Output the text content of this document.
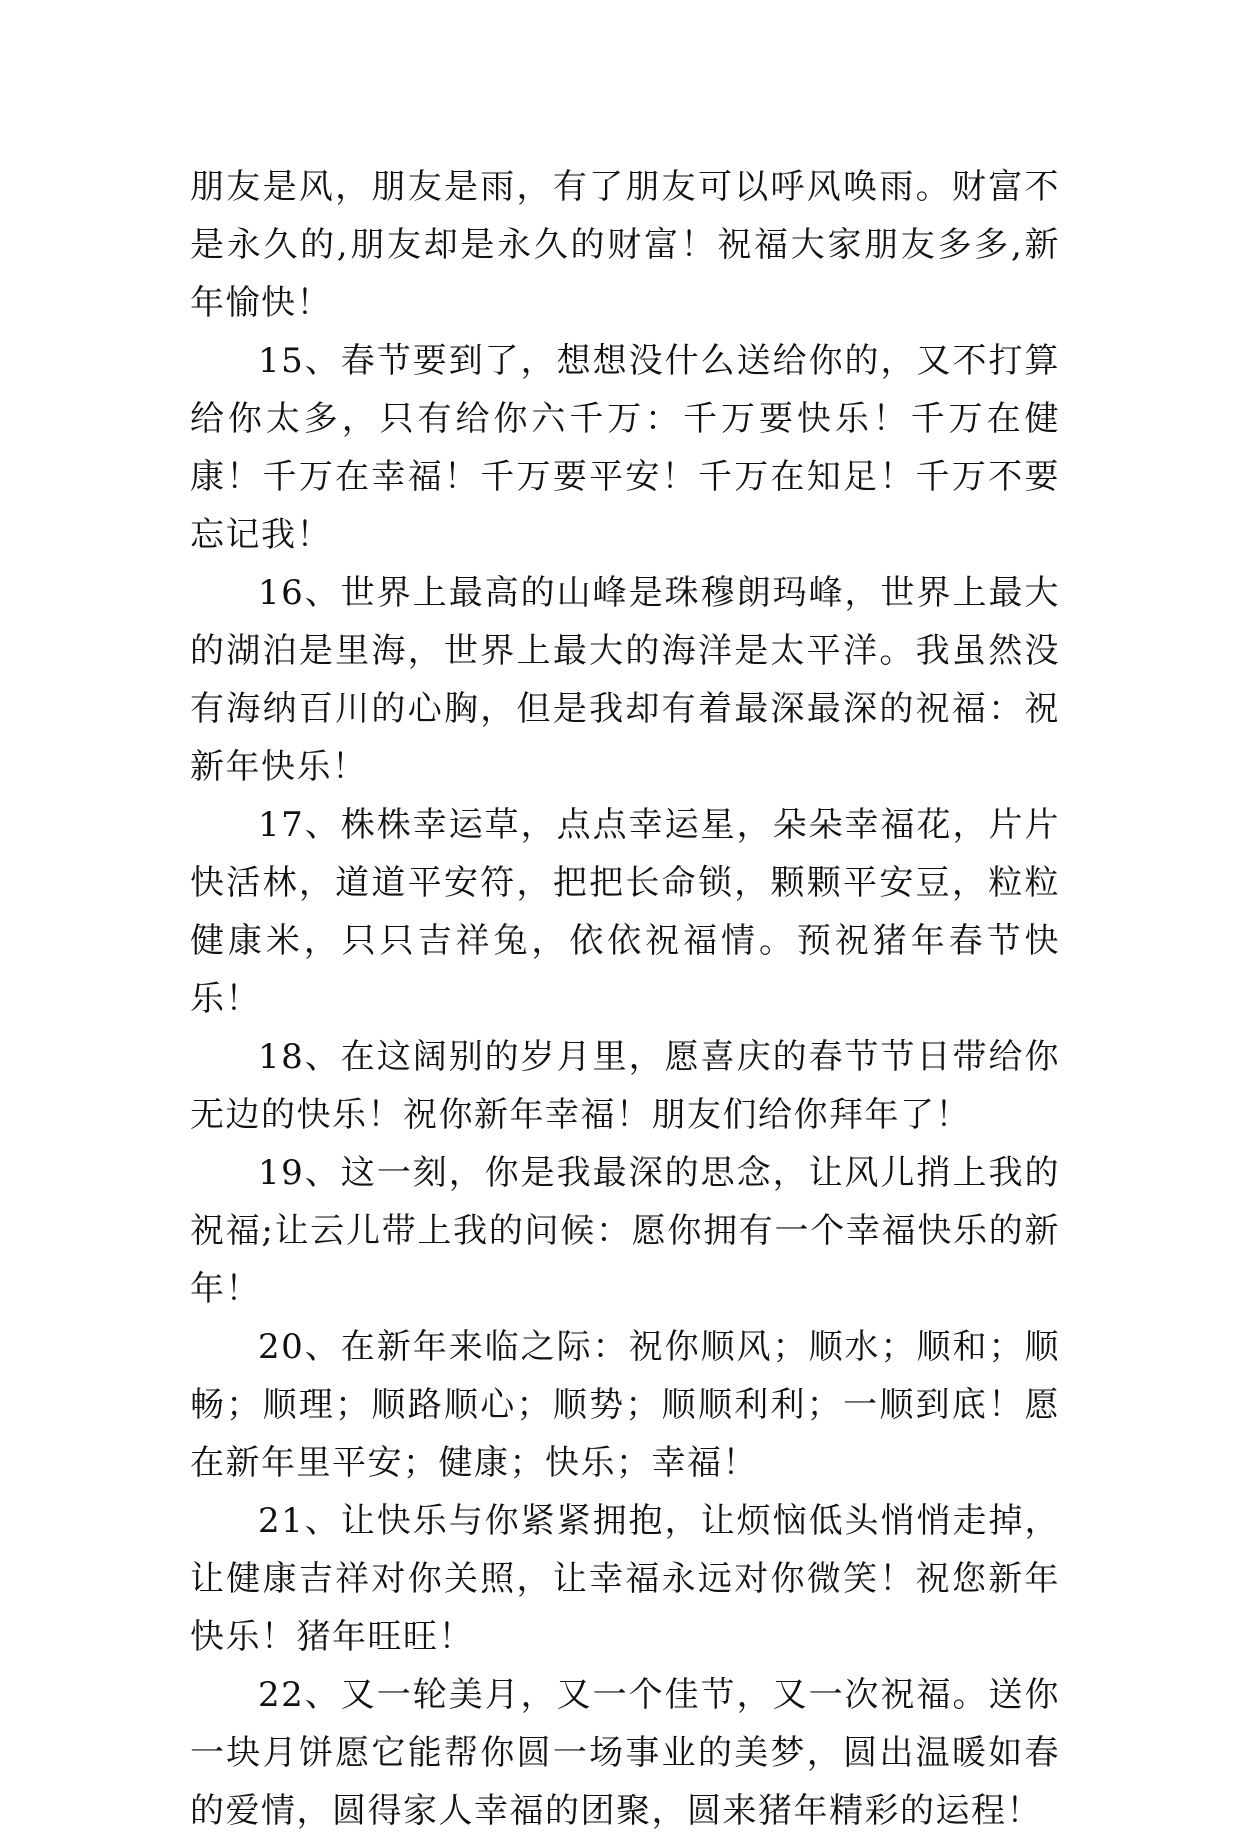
朋友是风，朋友是雨，有了朋友可以呼风唤雨。财富不是永久的,朋友却是永久的财富！祝福大家朋友多多,新年愉快！

15、春节要到了，想想没什么送给你的，又不打算给你太多，只有给你六千万：千万要快乐！千万在健康！千万在幸福！千万要平安！千万在知足！千万不要忘记我！

16、世界上最高的山峰是珠穆朗玛峰，世界上最大的湖泊是里海，世界上最大的海洋是太平洋。我虽然没有海纳百川的心胸，但是我却有着最深最深的祝福：祝新年快乐！

17、株株幸运草，点点幸运星，朵朵幸福花，片片快活林，道道平安符，把把长命锁，颗颗平安豆，粒粒健康米，只只吉祥兔，依依祝福情。预祝猪年春节快乐！

18、在这阔别的岁月里，愿喜庆的春节节日带给你无边的快乐！祝你新年幸福！朋友们给你拜年了！

19、这一刻，你是我最深的思念，让风儿捎上我的祝福;让云儿带上我的问候：愿你拥有一个幸福快乐的新年！

20、在新年来临之际：祝你顺风；顺水；顺和；顺畅；顺理；顺路顺心；顺势；顺顺利利；一顺到底！愿在新年里平安；健康；快乐；幸福！

21、让快乐与你紧紧拥抱，让烦恼低头悄悄走掉，让健康吉祥对你关照，让幸福永远对你微笑！祝您新年快乐！猪年旺旺！

22、又一轮美月，又一个佳节，又一次祝福。送你一块月饼愿它能帮你圆一场事业的美梦，圆出温暖如春的爱情，圆得家人幸福的团聚，圆来猪年精彩的运程！
